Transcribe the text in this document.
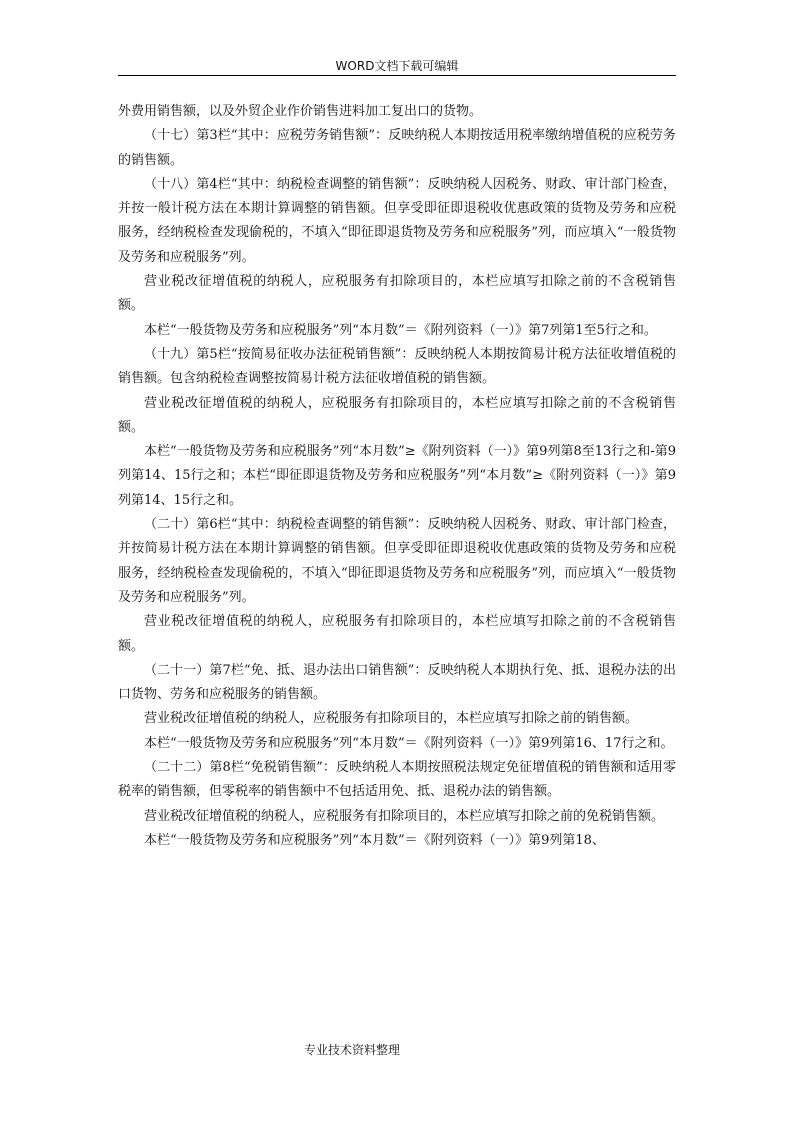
WORD文档下载可编辑

外费用销售额，以及外贸企业作价销售进料加工复出口的货物。

（十七）第3栏“其中：应税劳务销售额”：反映纳税人本期按适用税率缴纳增值税的应税劳务的销售额。

（十八）第4栏“其中：纳税检查调整的销售额”：反映纳税人因税务、财政、审计部门检查，并按一般计税方法在本期计算调整的销售额。但享受即征即退税收优惠政策的货物及劳务和应税服务，经纳税检查发现偷税的，不填入“即征即退货物及劳务和应税服务”列，而应填入“一般货物及劳务和应税服务”列。

营业税改征增值税的纳税人，应税服务有扣除项目的，本栏应填写扣除之前的不含税销售额。

本栏“一般货物及劳务和应税服务”列“本月数”＝《附列资料（一）》第7列第1至5行之和。

（十九）第5栏“按简易征收办法征税销售额”：反映纳税人本期按简易计税方法征收增值税的销售额。包含纳税检查调整按简易计税方法征收增值税的销售额。

营业税改征增值税的纳税人，应税服务有扣除项目的，本栏应填写扣除之前的不含税销售额。

本栏“一般货物及劳务和应税服务”列“本月数”≥《附列资料（一）》第9列第8至13行之和-第9列第14、15行之和；本栏“即征即退货物及劳务和应税服务”列“本月数”≥《附列资料（一）》第9列第14、15行之和。

（二十）第6栏“其中：纳税检查调整的销售额”：反映纳税人因税务、财政、审计部门检查，并按简易计税方法在本期计算调整的销售额。但享受即征即退税收优惠政策的货物及劳务和应税服务，经纳税检查发现偷税的，不填入“即征即退货物及劳务和应税服务”列，而应填入“一般货物及劳务和应税服务”列。

营业税改征增值税的纳税人，应税服务有扣除项目的，本栏应填写扣除之前的不含税销售额。

（二十一）第7栏“免、抵、退办法出口销售额”：反映纳税人本期执行免、抵、退税办法的出口货物、劳务和应税服务的销售额。

营业税改征增值税的纳税人，应税服务有扣除项目的，本栏应填写扣除之前的销售额。

本栏“一般货物及劳务和应税服务”列“本月数”＝《附列资料（一）》第9列第16、17行之和。

（二十二）第8栏“免税销售额”：反映纳税人本期按照税法规定免征增值税的销售额和适用零税率的销售额，但零税率的销售额中不包括适用免、抵、退税办法的销售额。

营业税改征增值税的纳税人，应税服务有扣除项目的，本栏应填写扣除之前的免税销售额。

本栏“一般货物及劳务和应税服务”列“本月数”＝《附列资料（一）》第9列第18、

专业技术资料整理
